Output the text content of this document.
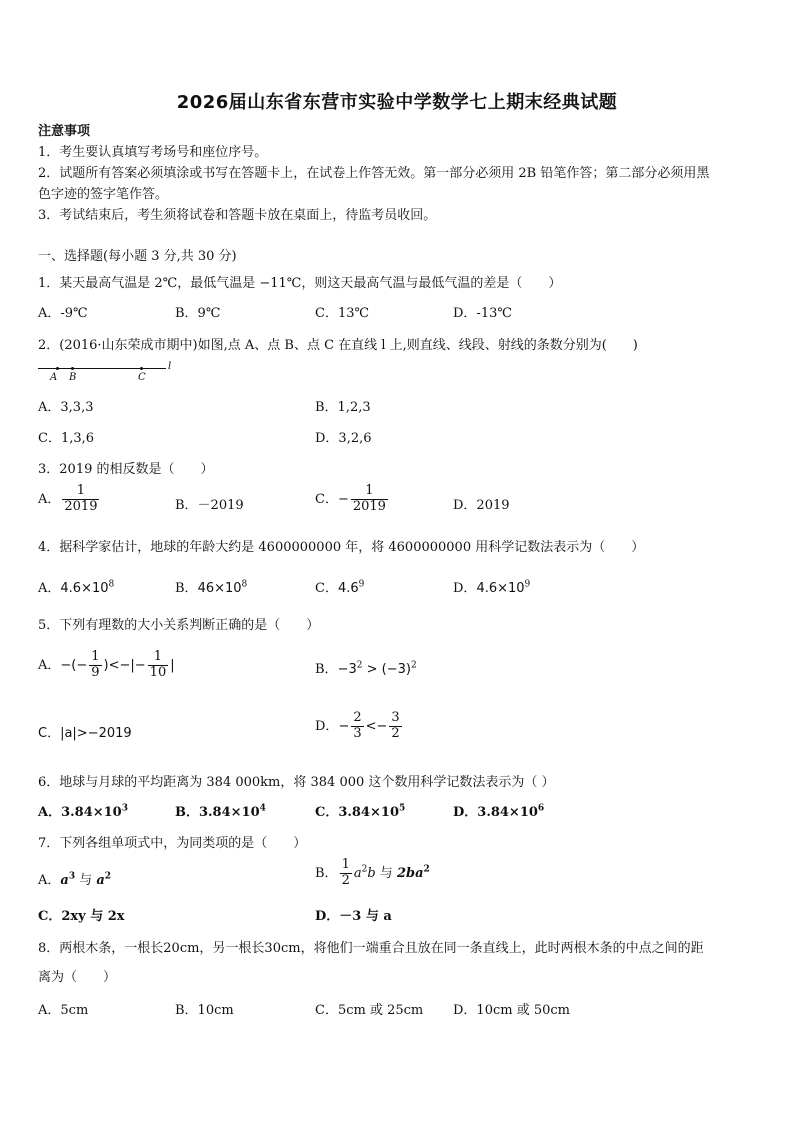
2026届山东省东营市实验中学数学七上期末经典试题
注意事项
1．考生要认真填写考场号和座位序号。
2．试题所有答案必须填涂或书写在答题卡上，在试卷上作答无效。第一部分必须用 2B 铅笔作答；第二部分必须用黑
色字迹的签字笔作答。
3．考试结束后，考生须将试卷和答题卡放在桌面上，待监考员收回。
一、选择题(每小题 3 分,共 30 分)
1．某天最高气温是 2℃，最低气温是 −11℃，则这天最高气温与最低气温的差是（　　）
A．-9℃	B．9℃	C．13℃	D．-13℃
2．(2016·山东荣成市期中)如图,点 A、点 B、点 C 在直线 l 上,则直线、线段、射线的条数分别为(　　)
A B	C
l
A．3,3,3	B．1,2,3
C．1,3,6	D．3,2,6
3．2019 的相反数是（　　）
A． $\frac{1}{2019}$	B．－2019	C．− $\frac{1}{2019}$	D．2019
4．据科学家估计，地球的年龄大约是 4600000000 年，将 4600000000 用科学记数法表示为（　　）
A．$4.6\times 10^8$	B．$46\times 10^8$	C．$4.6^9$	D．$4.6\times 10^9$
5．下列有理数的大小关系判断正确的是（　　）
A．−(− $\frac{1}{9}$ )<−|− $\frac{1}{10}$ |	B．$-3^2 > (-3)^2$
C．|a|>−2019	D．− $\frac{2}{3} <- \frac{3}{2}$
6．地球与月球的平均距离为 384 000km，将 384 000 这个数用科学记数法表示为（ ）
A．$3.84\times 10^3$	B．$3.84\times 10^4$	C．$3.84\times 10^5$	D．$3.84\times 10^6$
7．下列各组单项式中，为同类项的是（　　）
A．$a^3$ 与 $a^2$	B． $\frac{1}{2} a^2b$ 与 $2ba^2$
C．2xy 与 2x	D．－3 与 a
8．两根木条，一根长20cm，另一根长30cm，将他们一端重合且放在同一条直线上，此时两根木条的中点之间的距
离为（　　）
A．5cm	B．10cm	C．5cm 或 25cm D．10cm 或 50cm
